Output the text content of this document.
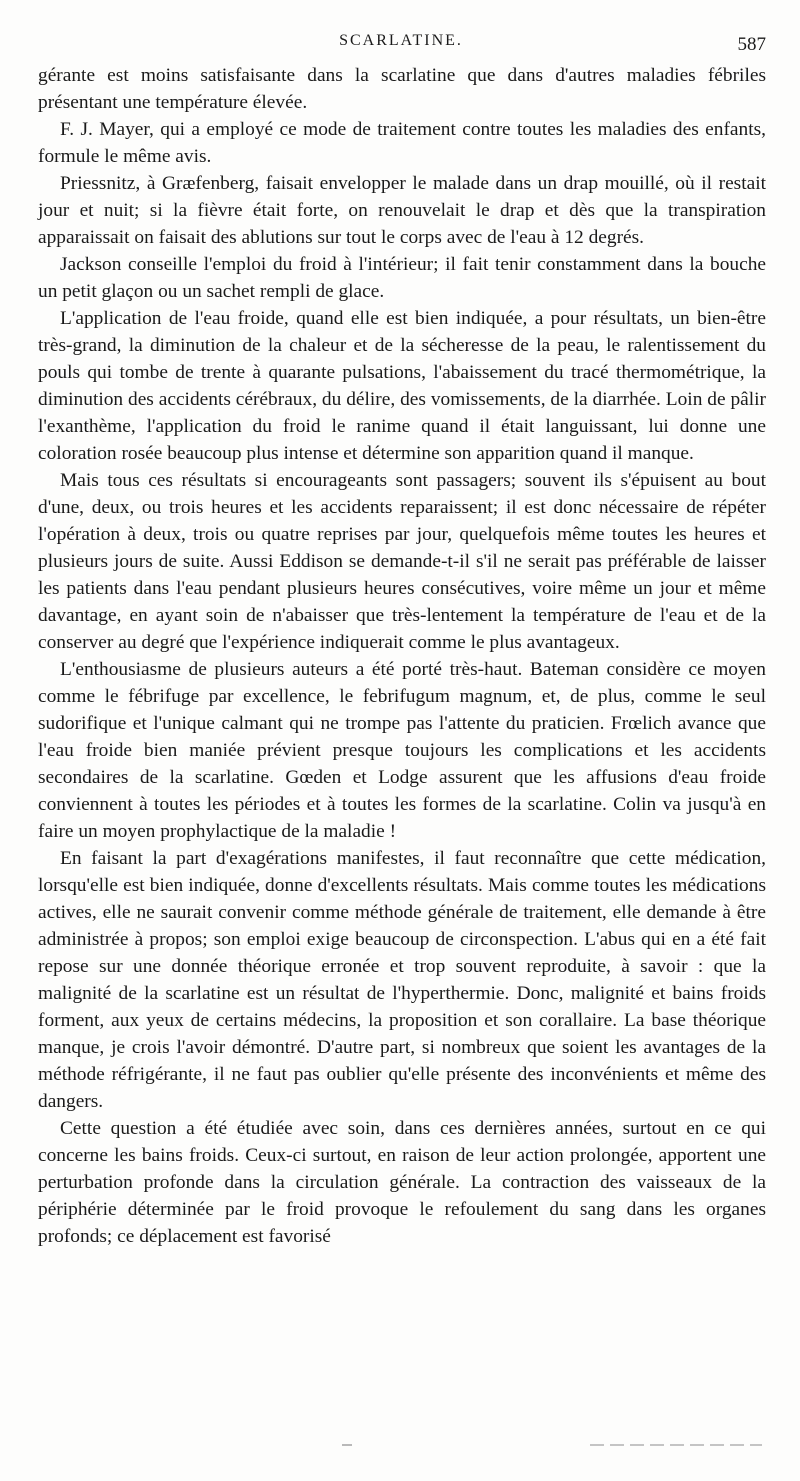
SCARLATINE.	587

gérante est moins satisfaisante dans la scarlatine que dans d'autres maladies fébriles présentant une température élevée.

F. J. Mayer, qui a employé ce mode de traitement contre toutes les maladies des enfants, formule le même avis.

Priessnitz, à Græfenberg, faisait envelopper le malade dans un drap mouillé, où il restait jour et nuit; si la fièvre était forte, on renouvelait le drap et dès que la transpiration apparaissait on faisait des ablutions sur tout le corps avec de l'eau à 12 degrés.

Jackson conseille l'emploi du froid à l'intérieur; il fait tenir constamment dans la bouche un petit glaçon ou un sachet rempli de glace.

L'application de l'eau froide, quand elle est bien indiquée, a pour résultats, un bien-être très-grand, la diminution de la chaleur et de la sécheresse de la peau, le ralentissement du pouls qui tombe de trente à quarante pulsations, l'abaissement du tracé thermométrique, la diminution des accidents cérébraux, du délire, des vomissements, de la diarrhée. Loin de pâlir l'exanthème, l'application du froid le ranime quand il était languissant, lui donne une coloration rosée beaucoup plus intense et détermine son apparition quand il manque.

Mais tous ces résultats si encourageants sont passagers; souvent ils s'épuisent au bout d'une, deux, ou trois heures et les accidents reparaissent; il est donc nécessaire de répéter l'opération à deux, trois ou quatre reprises par jour, quelquefois même toutes les heures et plusieurs jours de suite. Aussi Eddison se demande-t-il s'il ne serait pas préférable de laisser les patients dans l'eau pendant plusieurs heures consécutives, voire même un jour et même davantage, en ayant soin de n'abaisser que très-lentement la température de l'eau et de la conserver au degré que l'expérience indiquerait comme le plus avantageux.

L'enthousiasme de plusieurs auteurs a été porté très-haut. Bateman considère ce moyen comme le fébrifuge par excellence, le febrifugum magnum, et, de plus, comme le seul sudorifique et l'unique calmant qui ne trompe pas l'attente du praticien. Frœlich avance que l'eau froide bien maniée prévient presque toujours les complications et les accidents secondaires de la scarlatine. Gœden et Lodge assurent que les affusions d'eau froide conviennent à toutes les périodes et à toutes les formes de la scarlatine. Colin va jusqu'à en faire un moyen prophylactique de la maladie !

En faisant la part d'exagérations manifestes, il faut reconnaître que cette médication, lorsqu'elle est bien indiquée, donne d'excellents résultats. Mais comme toutes les médications actives, elle ne saurait convenir comme méthode générale de traitement, elle demande à être administrée à propos; son emploi exige beaucoup de circonspection. L'abus qui en a été fait repose sur une donnée théorique erronée et trop souvent reproduite, à savoir : que la malignité de la scarlatine est un résultat de l'hyperthermie. Donc, malignité et bains froids forment, aux yeux de certains médecins, la proposition et son corallaire. La base théorique manque, je crois l'avoir démontré. D'autre part, si nombreux que soient les avantages de la méthode réfrigérante, il ne faut pas oublier qu'elle présente des inconvénients et même des dangers.

Cette question a été étudiée avec soin, dans ces dernières années, surtout en ce qui concerne les bains froids. Ceux-ci surtout, en raison de leur action prolongée, apportent une perturbation profonde dans la circulation générale. La contraction des vaisseaux de la périphérie déterminée par le froid provoque le refoulement du sang dans les organes profonds; ce déplacement est favorisé
